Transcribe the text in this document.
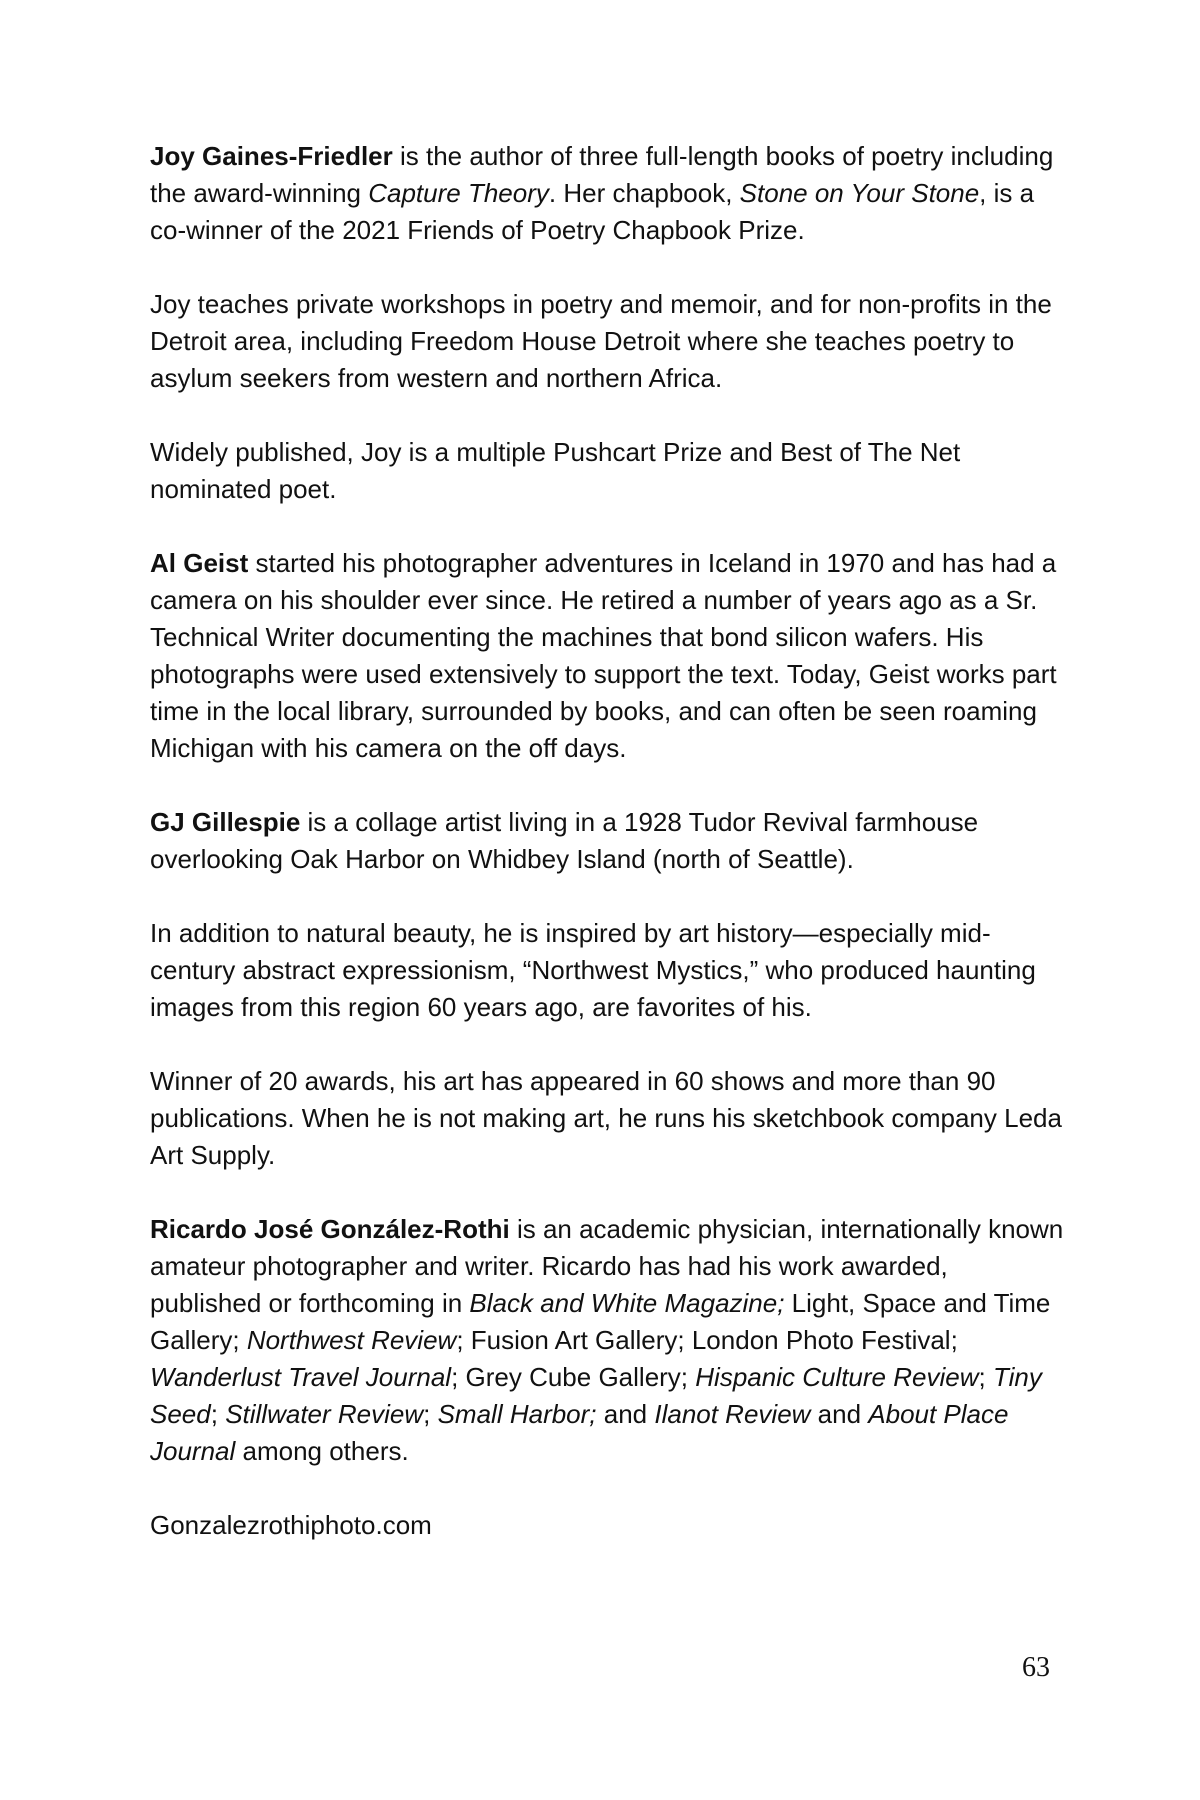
Joy Gaines-Friedler is the author of three full-length books of poetry including the award-winning Capture Theory. Her chapbook, Stone on Your Stone, is a co-winner of the 2021 Friends of Poetry Chapbook Prize.

Joy teaches private workshops in poetry and memoir, and for non-profits in the Detroit area, including Freedom House Detroit where she teaches poetry to asylum seekers from western and northern Africa.

Widely published, Joy is a multiple Pushcart Prize and Best of The Net nominated poet.

Al Geist started his photographer adventures in Iceland in 1970 and has had a camera on his shoulder ever since. He retired a number of years ago as a Sr. Technical Writer documenting the machines that bond silicon wafers. His photographs were used extensively to support the text. Today, Geist works part time in the local library, surrounded by books, and can often be seen roaming Michigan with his camera on the off days.

GJ Gillespie is a collage artist living in a 1928 Tudor Revival farmhouse overlooking Oak Harbor on Whidbey Island (north of Seattle).

In addition to natural beauty, he is inspired by art history—especially mid-century abstract expressionism, “Northwest Mystics,” who produced haunting images from this region 60 years ago, are favorites of his.

Winner of 20 awards, his art has appeared in 60 shows and more than 90 publications. When he is not making art, he runs his sketchbook company Leda Art Supply.

Ricardo José González-Rothi is an academic physician, internationally known amateur photographer and writer. Ricardo has had his work awarded, published or forthcoming in Black and White Magazine; Light, Space and Time Gallery; Northwest Review; Fusion Art Gallery; London Photo Festival; Wanderlust Travel Journal; Grey Cube Gallery; Hispanic Culture Review; Tiny Seed; Stillwater Review; Small Harbor; and Ilanot Review and About Place Journal among others.

Gonzalezrothiphoto.com

63
